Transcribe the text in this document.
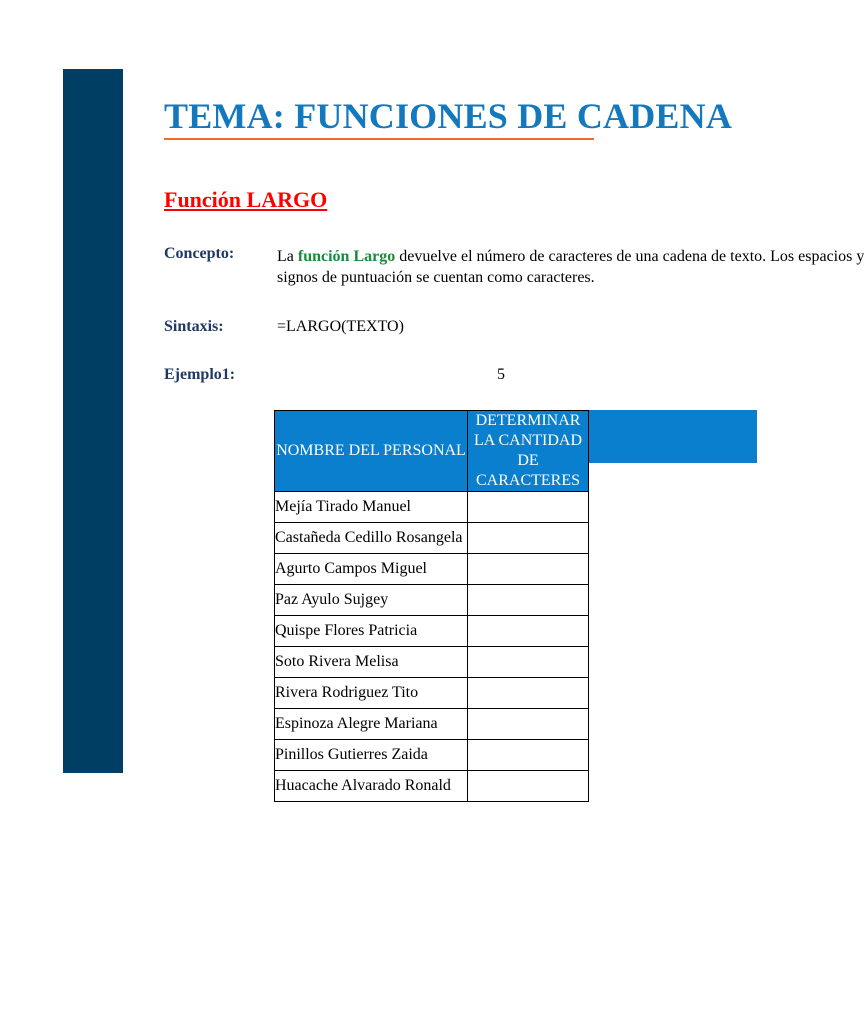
TEMA: FUNCIONES DE CADENA
Función LARGO
Concepto:	La función Largo devuelve el número de caracteres de una cadena de texto. Los espacios y
signos de puntuación se cuentan como caracteres.
Sintaxis:	=LARGO(TEXTO)
Ejemplo1:	5
NOMBRE DEL PERSONAL	DETERMINAR LA CANTIDAD DE
CARACTERES

Mejía Tirado Manuel	
Castañeda Cedillo Rosangela	
Agurto Campos Miguel	
Paz Ayulo Sujgey	
Quispe Flores Patricia	
Soto Rivera Melisa	
Rivera Rodriguez Tito	
Espinoza Alegre Mariana	
Pinillos Gutierres Zaida	
Huacache Alvarado Ronald	
